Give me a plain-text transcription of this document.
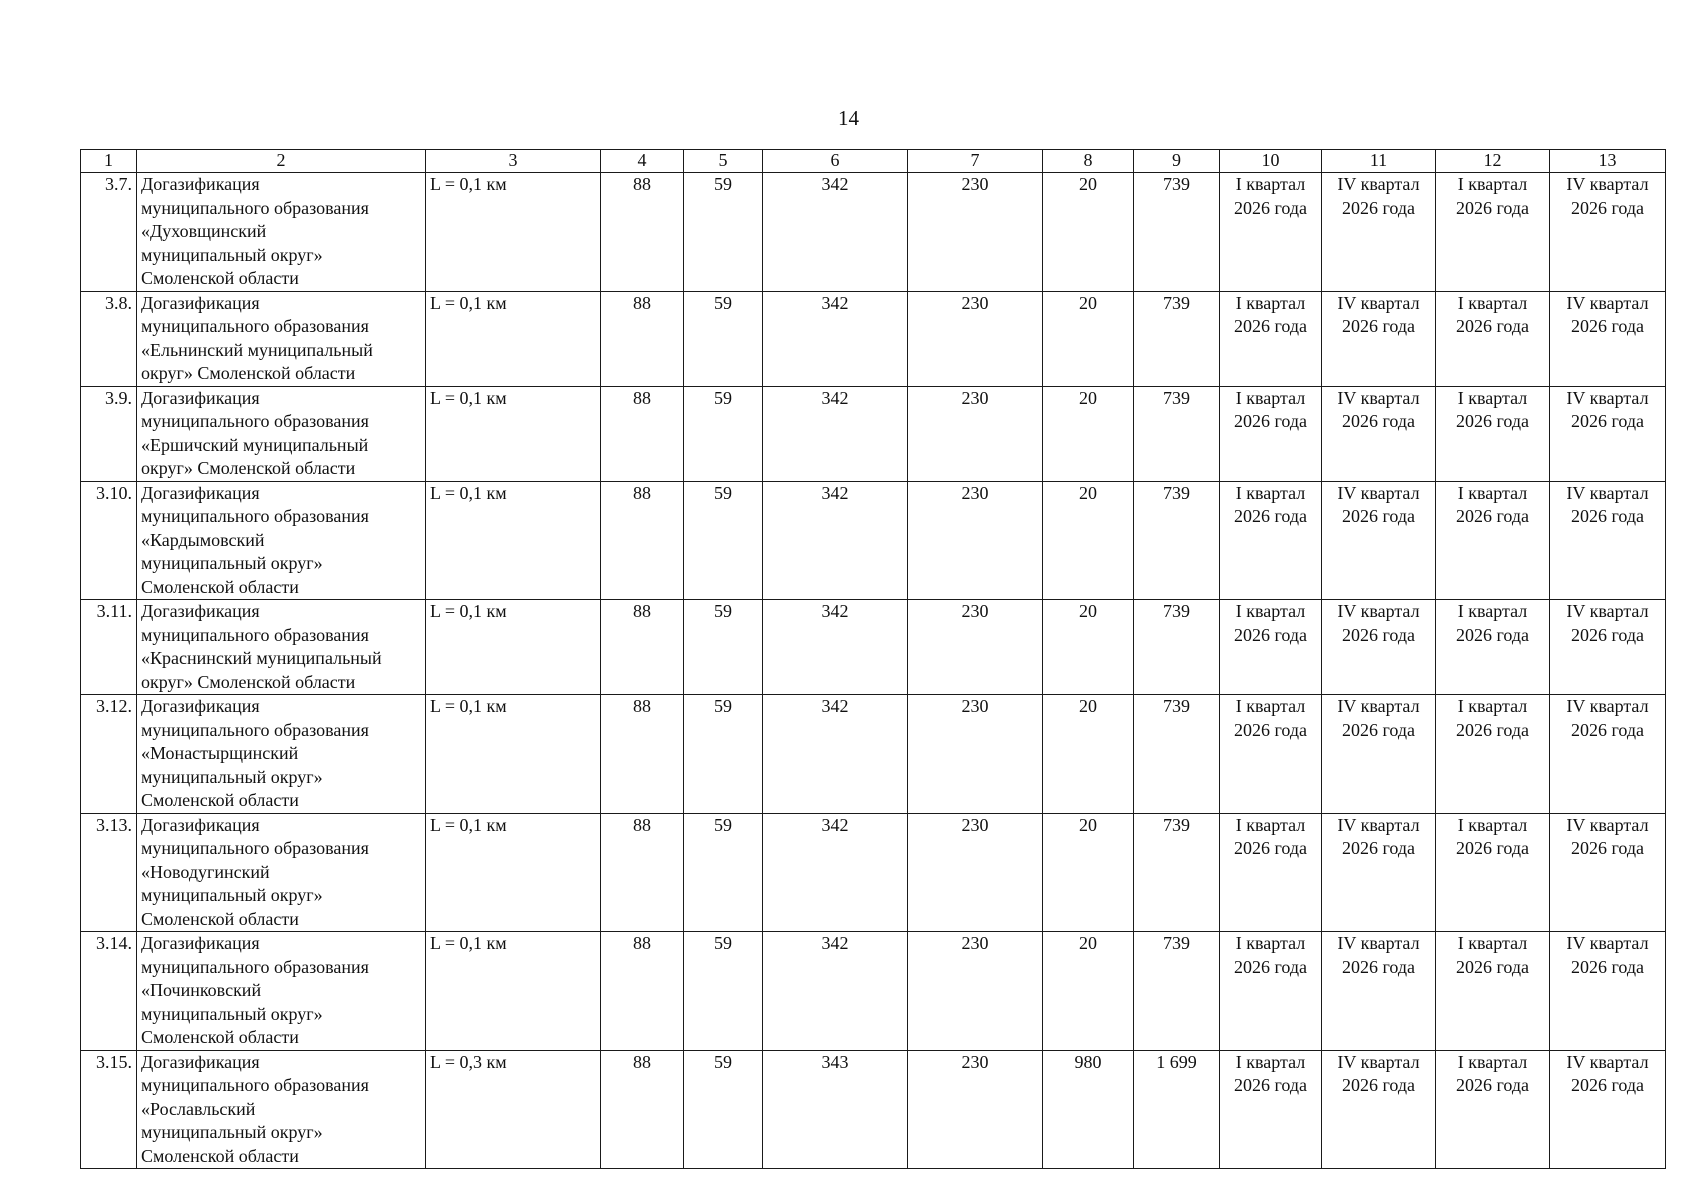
14
1	2	3	4	5	6	7	8	9	10	11	12	13
3.7.	Догазификация
муниципального образования
«Духовщинский
муниципальный округ»
Смоленской области	L = 0,1 км	88	59	342	230	20	739	I квартал
2026 года	IV квартал
2026 года	I квартал
2026 года	IV квартал
2026 года

3.8.	Догазификация
муниципального образования
«Ельнинский муниципальный
округ» Смоленской области	L = 0,1 км	88	59	342	230	20	739	I квартал
2026 года	IV квартал
2026 года	I квартал
2026 года	IV квартал
2026 года

3.9.	Догазификация
муниципального образования
«Ершичский муниципальный
округ» Смоленской области	L = 0,1 км	88	59	342	230	20	739	I квартал
2026 года	IV квартал
2026 года	I квартал
2026 года	IV квартал
2026 года

3.10.	Догазификация
муниципального образования
«Кардымовский
муниципальный округ»
Смоленской области	L = 0,1 км	88	59	342	230	20	739	I квартал
2026 года	IV квартал
2026 года	I квартал
2026 года	IV квартал
2026 года

3.11.	Догазификация
муниципального образования
«Краснинский муниципальный
округ» Смоленской области	L = 0,1 км	88	59	342	230	20	739	I квартал
2026 года	IV квартал
2026 года	I квартал
2026 года	IV квартал
2026 года

3.12.	Догазификация
муниципального образования
«Монастырщинский
муниципальный округ»
Смоленской области	L = 0,1 км	88	59	342	230	20	739	I квартал
2026 года	IV квартал
2026 года	I квартал
2026 года	IV квартал
2026 года

3.13.	Догазификация
муниципального образования
«Новодугинский
муниципальный округ»
Смоленской области	L = 0,1 км	88	59	342	230	20	739	I квартал
2026 года	IV квартал
2026 года	I квартал
2026 года	IV квартал
2026 года

3.14.	Догазификация
муниципального образования
«Починковский
муниципальный округ»
Смоленской области	L = 0,1 км	88	59	342	230	20	739	I квартал
2026 года	IV квартал
2026 года	I квартал
2026 года	IV квартал
2026 года

3.15.	Догазификация
муниципального образования
«Рославльский
муниципальный округ»
Смоленской области	L = 0,3 км	88	59	343	230	980	1 699	I квартал
2026 года	IV квартал
2026 года	I квартал
2026 года	IV квартал
2026 года
